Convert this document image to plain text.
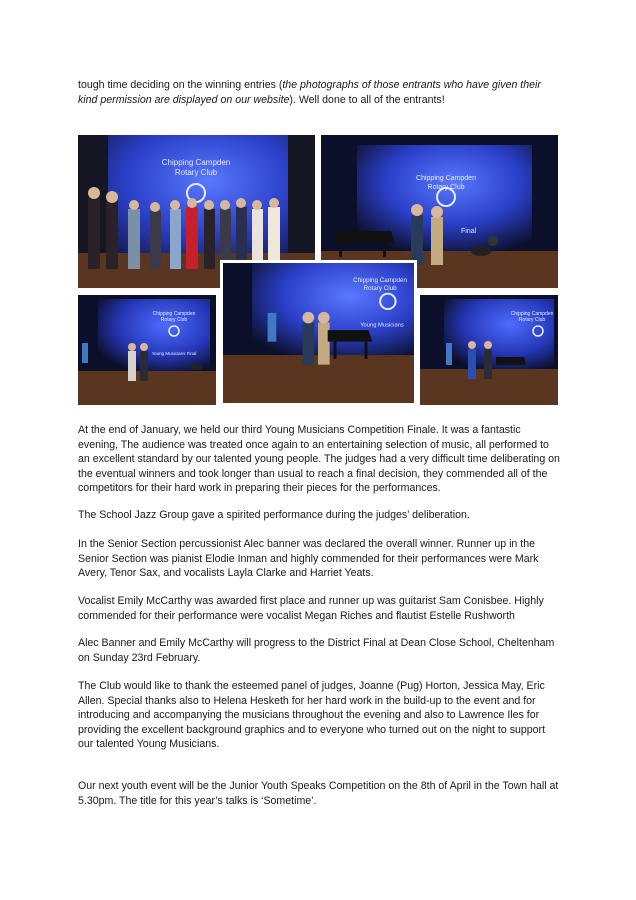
tough time deciding on the winning entries (the photographs of those entrants who have given their kind permission are displayed on our website). Well done to all of the entrants!

Chipping Campden
Rotary Club
Chipping Campden
Rotary Club
Final
Chipping Campden
Rotary Club
Young Musicians Final
Chipping Campden
Rotary Club
Young Musicians
Chipping Campden
Rotary Club

At the end of January, we held our third Young Musicians Competition Finale. It was a fantastic evening, The audience was treated once again to an entertaining selection of music, all performed to an excellent standard by our talented young people. The judges had a very difficult time deliberating on the eventual winners and took longer than usual to reach a final decision, they commended all of the competitors for their hard work in preparing their pieces for the performances.

The School Jazz Group gave a spirited performance during the judges’ deliberation.

In the Senior Section percussionist Alec banner was declared the overall winner. Runner up in the Senior Section was pianist Elodie Inman and highly commended for their performances were Mark Avery, Tenor Sax, and vocalists Layla Clarke and Harriet Yeats.

Vocalist Emily McCarthy was awarded first place and runner up was guitarist Sam Conisbee. Highly commended for their performance were vocalist Megan Riches and flautist Estelle Rushworth

Alec Banner and Emily McCarthy will progress to the District Final at Dean Close School, Cheltenham on Sunday 23rd February.

The Club would like to thank the esteemed panel of judges, Joanne (Pug) Horton, Jessica May, Eric Allen. Special thanks also to Helena Hesketh for her hard work in the build-up to the event and for introducing and accompanying the musicians throughout the evening and also to Lawrence Iles for providing the excellent background graphics and to everyone who turned out on the night to support our talented Young Musicians.

Our next youth event will be the Junior Youth Speaks Competition on the 8th of April in the Town hall at 5.30pm. The title for this year’s talks is ‘Sometime’.
